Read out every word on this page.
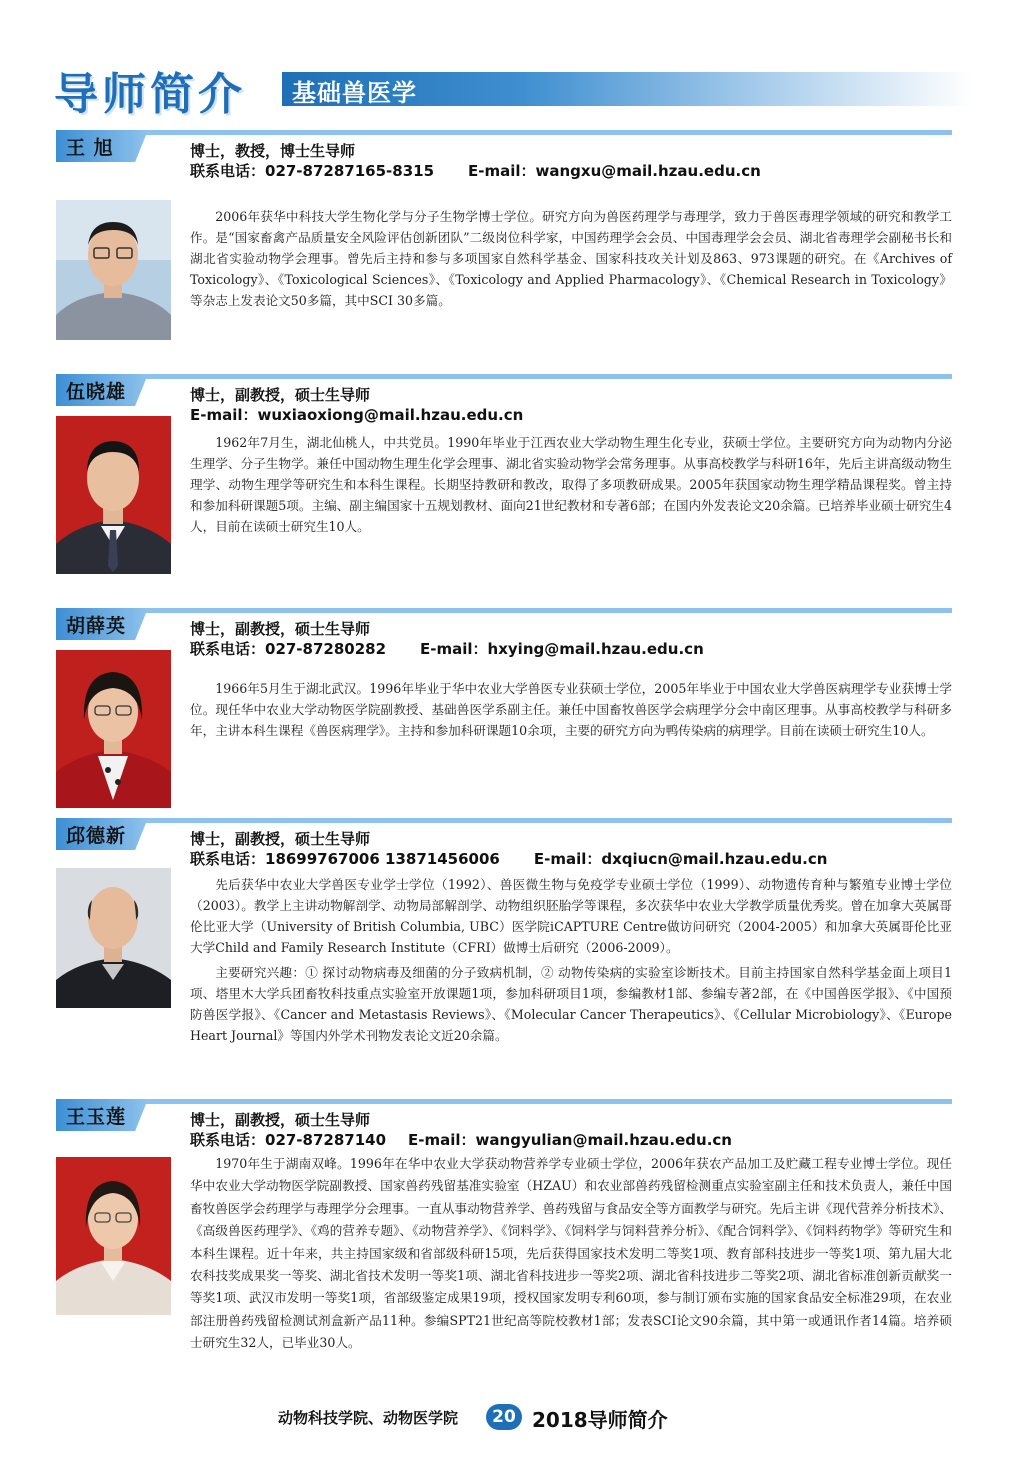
导师简介 基础兽医学
王 旭	博士，教授，博士生导师
联系电话：027-87287165-8315 E-mail：wangxu@mail.hzau.edu.cn

2006年获华中科技大学生物化学与分子生物学博士学位。研究方向为兽医药理学与毒理学，致力于兽医毒理学领域的研究和教学工作。是“国家畜禽产品质量安全风险评估创新团队”二级岗位科学家，中国药理学会会员、中国毒理学会会员、湖北省毒理学会副秘书长和湖北省实验动物学会理事。曾先后主持和参与多项国家自然科学基金、国家科技攻关计划及863、973课题的研究。在《Archives of Toxicology》、《Toxicological Sciences》、《Toxicology and Applied Pharmacology》、《Chemical Research in Toxicology》等杂志上发表论文50多篇，其中SCI 30多篇。

伍晓雄	博士，副教授，硕士生导师
E-mail：wuxiaoxiong@mail.hzau.edu.cn

1962年7月生，湖北仙桃人，中共党员。1990年毕业于江西农业大学动物生理生化专业，获硕士学位。主要研究方向为动物内分泌生理学、分子生物学。兼任中国动物生理生化学会理事、湖北省实验动物学会常务理事。从事高校教学与科研16年，先后主讲高级动物生理学、动物生理学等研究生和本科生课程。长期坚持教研和教改，取得了多项教研成果。2005年获国家动物生理学精品课程奖。曾主持和参加科研课题5项。主编、副主编国家十五规划教材、面向21世纪教材和专著6部；在国内外发表论文20余篇。已培养毕业硕士研究生4人，目前在读硕士研究生10人。

胡薛英	博士，副教授，硕士生导师
联系电话：027-87280282 E-mail：hxying@mail.hzau.edu.cn

1966年5月生于湖北武汉。1996年毕业于华中农业大学兽医专业获硕士学位，2005年毕业于中国农业大学兽医病理学专业获博士学位。现任华中农业大学动物医学院副教授、基础兽医学系副主任。兼任中国畜牧兽医学会病理学分会中南区理事。从事高校教学与科研多年，主讲本科生课程《兽医病理学》。主持和参加科研课题10余项，主要的研究方向为鸭传染病的病理学。目前在读硕士研究生10人。

邱德新	博士，副教授，硕士生导师
联系电话：18699767006 13871456006 E-mail：dxqiucn@mail.hzau.edu.cn

先后获华中农业大学兽医专业学士学位（1992）、兽医微生物与免疫学专业硕士学位（1999）、动物遗传育种与繁殖专业博士学位（2003）。教学上主讲动物解剖学、动物局部解剖学、动物组织胚胎学等课程，多次获华中农业大学教学质量优秀奖。曾在加拿大英属哥伦比亚大学（University of British Columbia, UBC）医学院iCAPTURE Centre做访问研究（2004-2005）和加拿大英属哥伦比亚大学Child and Family Research Institute（CFRI）做博士后研究（2006-2009）。

主要研究兴趣：① 探讨动物病毒及细菌的分子致病机制，② 动物传染病的实验室诊断技术。目前主持国家自然科学基金面上项目1项、塔里木大学兵团畜牧科技重点实验室开放课题1项，参加科研项目1项，参编教材1部、参编专著2部，在《中国兽医学报》、《中国预防兽医学报》、《Cancer and Metastasis Reviews》、《Molecular Cancer Therapeutics》、《Cellular Microbiology》、《Europe Heart Journal》等国内外学术刊物发表论文近20余篇。

王玉莲	博士，副教授，硕士生导师
联系电话：027-87287140 E-mail：wangyulian@mail.hzau.edu.cn

1970年生于湖南双峰。1996年在华中农业大学获动物营养学专业硕士学位，2006年获农产品加工及贮藏工程专业博士学位。现任华中农业大学动物医学院副教授、国家兽药残留基准实验室（HZAU）和农业部兽药残留检测重点实验室副主任和技术负责人，兼任中国畜牧兽医学会药理学与毒理学分会理事。一直从事动物营养学、兽药残留与食品安全等方面教学与研究。先后主讲《现代营养分析技术》、《高级兽医药理学》、《鸡的营养专题》、《动物营养学》、《饲料学》、《饲料学与饲料营养分析》、《配合饲料学》、《饲料药物学》等研究生和本科生课程。近十年来，共主持国家级和省部级科研15项，先后获得国家技术发明二等奖1项、教育部科技进步一等奖1项、第九届大北农科技奖成果奖一等奖、湖北省技术发明一等奖1项、湖北省科技进步一等奖2项、湖北省科技进步二等奖2项、湖北省标准创新贡献奖一等奖1项、武汉市发明一等奖1项，省部级鉴定成果19项，授权国家发明专利60项，参与制订颁布实施的国家食品安全标准29项，在农业部注册兽药残留检测试剂盒新产品11种。参编SPT21世纪高等院校教材1部；发表SCI论文90余篇，其中第一或通讯作者14篇。培养硕士研究生32人，已毕业30人。

动物科技学院、动物医学院	20 2018导师简介
